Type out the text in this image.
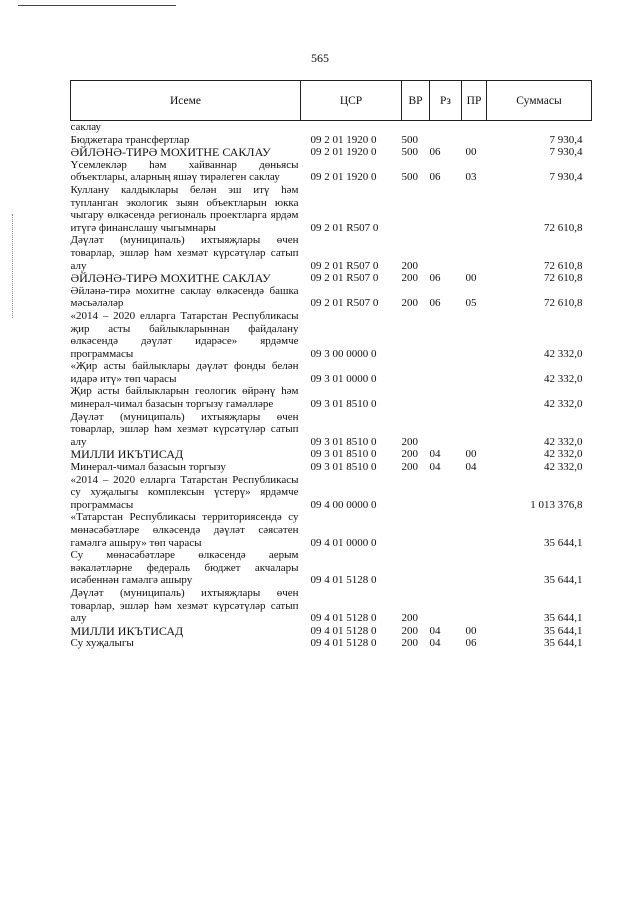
565
Исеме	ЦСР	ВР	Рз	ПР	Суммасы
саклау					
Бюджетара трансфертлар	09 2 01 1920 0	500			7 930,4
ӘЙЛӘНӘ-ТИРӘ МОХИТНЕ САКЛАУ	09 2 01 1920 0	500	06	00	7 930,4
Үсемлекләр һәм хайваннар дөньясы объектлары, аларның яшәү тирәлеген саклау	09 2 01 1920 0	500	06	03	7 930,4
Куллану калдыклары белән эш итү һәм тупланган экологик зыян объектларын юкка чыгару өлкәсендә региональ проектларга ярдәм итүгә финанслашу чыгымнары	09 2 01 R507 0				72 610,8
Дәүләт (муниципаль) ихтыяҗлары өчен товарлар, эшләр һәм хезмәт күрсәтүләр сатып алу	09 2 01 R507 0	200			72 610,8
ӘЙЛӘНӘ-ТИРӘ МОХИТНЕ САКЛАУ	09 2 01 R507 0	200	06	00	72 610,8
Әйләнә-тирә мохитне саклау өлкәсендә башка мәсьәләләр	09 2 01 R507 0	200	06	05	72 610,8
«2014 – 2020 елларга Татарстан Республикасы җир асты байлыкларыннан файдалану өлкәсендә дәүләт идарәсе» ярдәмче программасы	09 3 00 0000 0				42 332,0
«Җир асты байлыклары дәүләт фонды белән идарә итү» төп чарасы	09 3 01 0000 0				42 332,0
Җир асты байлыкларын геологик өйрәнү һәм минерал-чимал базасын торгызу гамәлләре	09 3 01 8510 0				42 332,0
Дәүләт (муниципаль) ихтыяҗлары өчен товарлар, эшләр һәм хезмәт күрсәтүләр сатып алу	09 3 01 8510 0	200			42 332,0
МИЛЛИ ИКЪТИСАД	09 3 01 8510 0	200	04	00	42 332,0
Минерал-чимал базасын торгызу	09 3 01 8510 0	200	04	04	42 332,0
«2014 – 2020 елларга Татарстан Республикасы су хуҗалыгы комплексын үстерү» ярдәмче программасы	09 4 00 0000 0				1 013 376,8
«Татарстан Республикасы территориясендә су мөнәсәбәтләре өлкәсендә дәүләт сәясәтен гамәлгә ашыру» төп чарасы	09 4 01 0000 0				35 644,1
Су мөнәсәбәтләре өлкәсендә аерым вәкаләтләрне федераль бюджет акчалары исәбеннән гамәлгә ашыру	09 4 01 5128 0				35 644,1
Дәүләт (муниципаль) ихтыяҗлары өчен товарлар, эшләр һәм хезмәт күрсәтүләр сатып алу	09 4 01 5128 0	200			35 644,1
МИЛЛИ ИКЪТИСАД	09 4 01 5128 0	200	04	00	35 644,1
Су хуҗалыгы	09 4 01 5128 0	200	04	06	35 644,1
